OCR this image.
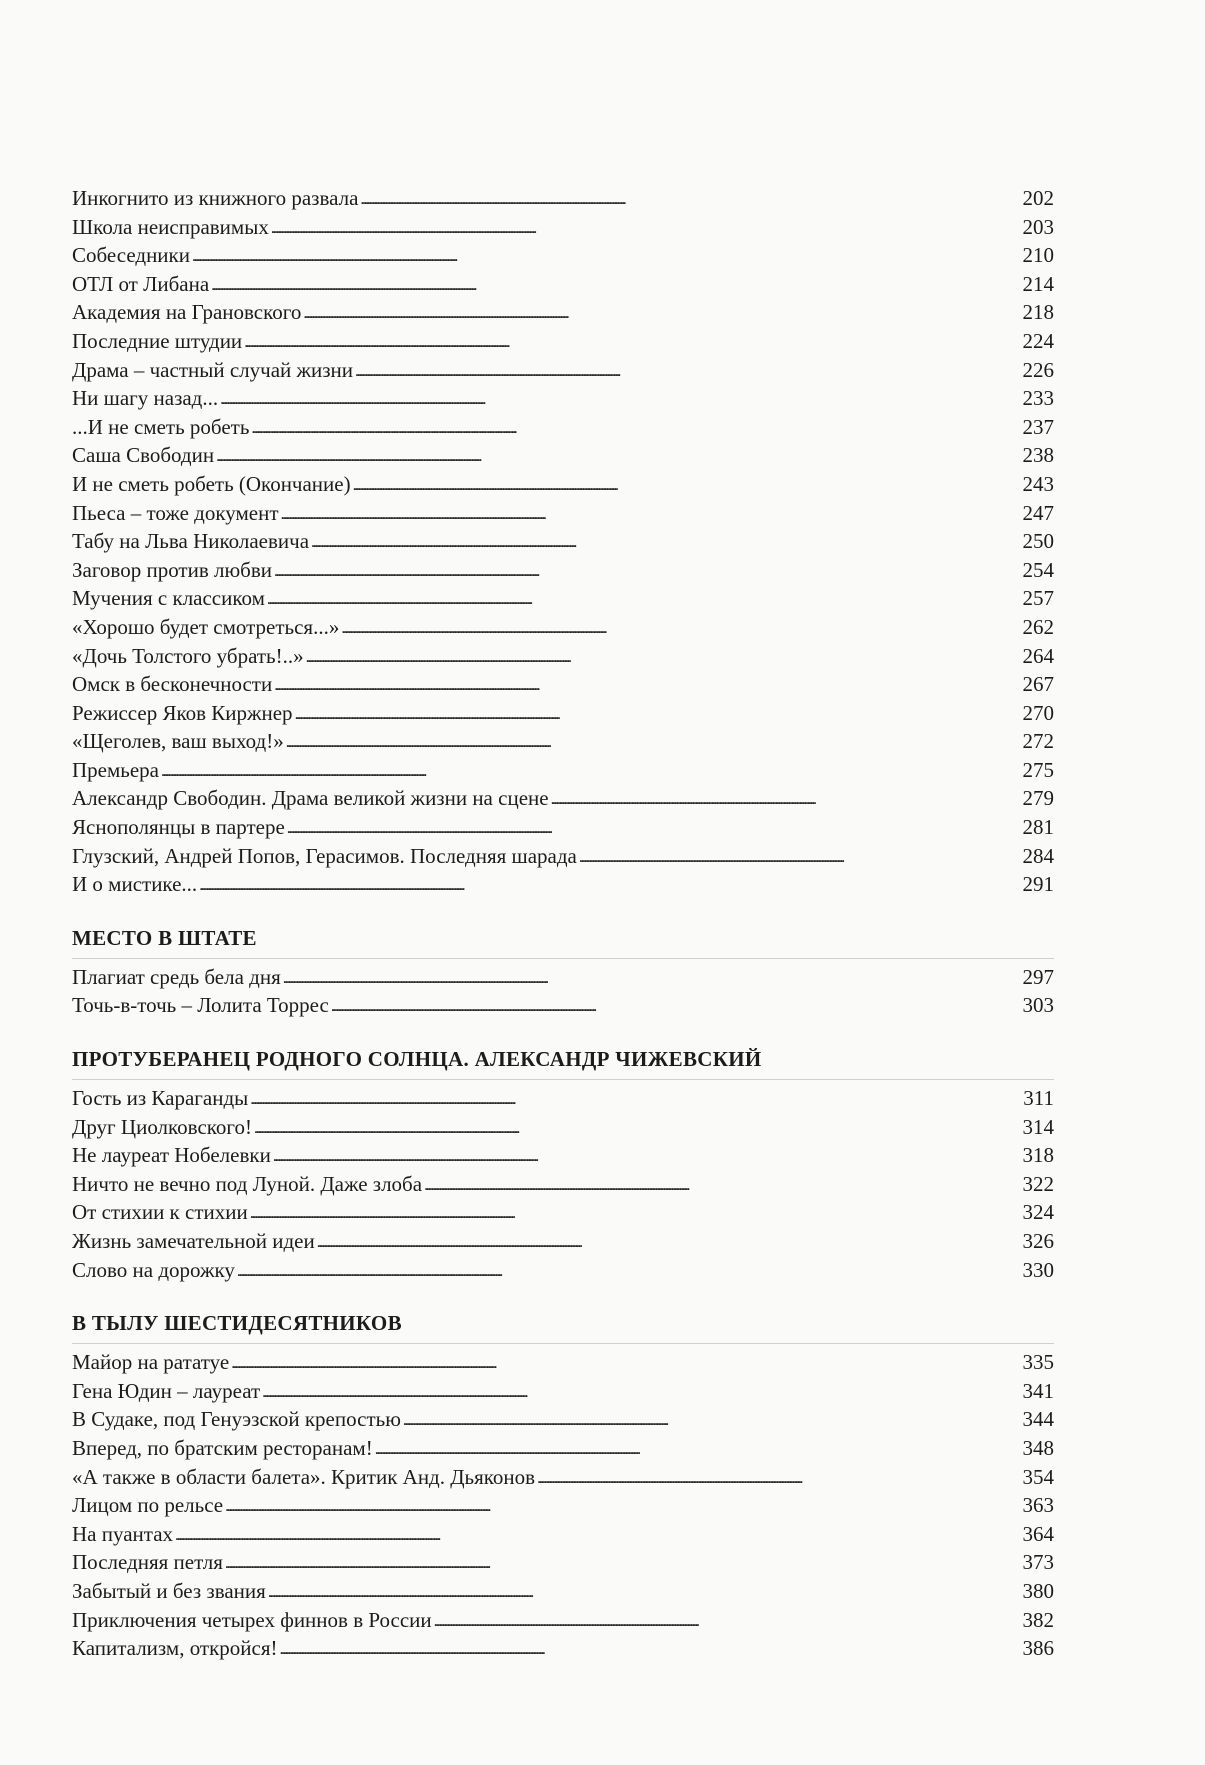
Инкогнито из книжного развала . . .	202
Школа неисправимых . . .	203
Собеседники . . .	210
ОТЛ от Либана . . .	214
Академия на Грановского . . .	218
Последние штудии . . .	224
Драма – частный случай жизни . . .	226
Ни шагу назад... . . .	233
...И не сметь робеть . . .	237
Саша Свободин . . .	238
И не сметь робеть (Окончание) . . .	243
Пьеса – тоже документ . . .	247
Табу на Льва Николаевича . . .	250
Заговор против любви . . .	254
Мучения с классиком . . .	257
«Хорошо будет смотреться...» . . .	262
«Дочь Толстого убрать!..» . . .	264
Омск в бесконечности . . .	267
Режиссер Яков Киржнер . . .	270
«Щеголев, ваш выход!» . . .	272
Премьера . . .	275
Александр Свободин. Драма великой жизни на сцене . . .	279
Яснополянцы в партере . . .	281
Глузский, Андрей Попов, Герасимов. Последняя шарада . . .	284
И о мистике... . . .	291
МЕСТО В ШТАТЕ
Плагиат средь бела дня . . .	297
Точь-в-точь – Лолита Торрес . . .	303
ПРОТУБЕРАНЕЦ РОДНОГО СОЛНЦА. АЛЕКСАНДР ЧИЖЕВСКИЙ
Гость из Караганды . . .	311
Друг Циолковского! . . .	314
Не лауреат Нобелевки . . .	318
Ничто не вечно под Луной. Даже злоба . . .	322
От стихии к стихии . . .	324
Жизнь замечательной идеи . . .	326
Слово на дорожку . . .	330
В ТЫЛУ ШЕСТИДЕСЯТНИКОВ
Майор на рататуе . . .	335
Гена Юдин – лауреат . . .	341
В Судаке, под Генуэзской крепостью . . .	344
Вперед, по братским ресторанам! . . .	348
«А также в области балета». Критик Анд. Дьяконов . . .	354
Лицом по рельсе . . .	363
На пуантах . . .	364
Последняя петля . . .	373
Забытый и без звания . . .	380
Приключения четырех финнов в России . . .	382
Капитализм, откройся! . . .	386
